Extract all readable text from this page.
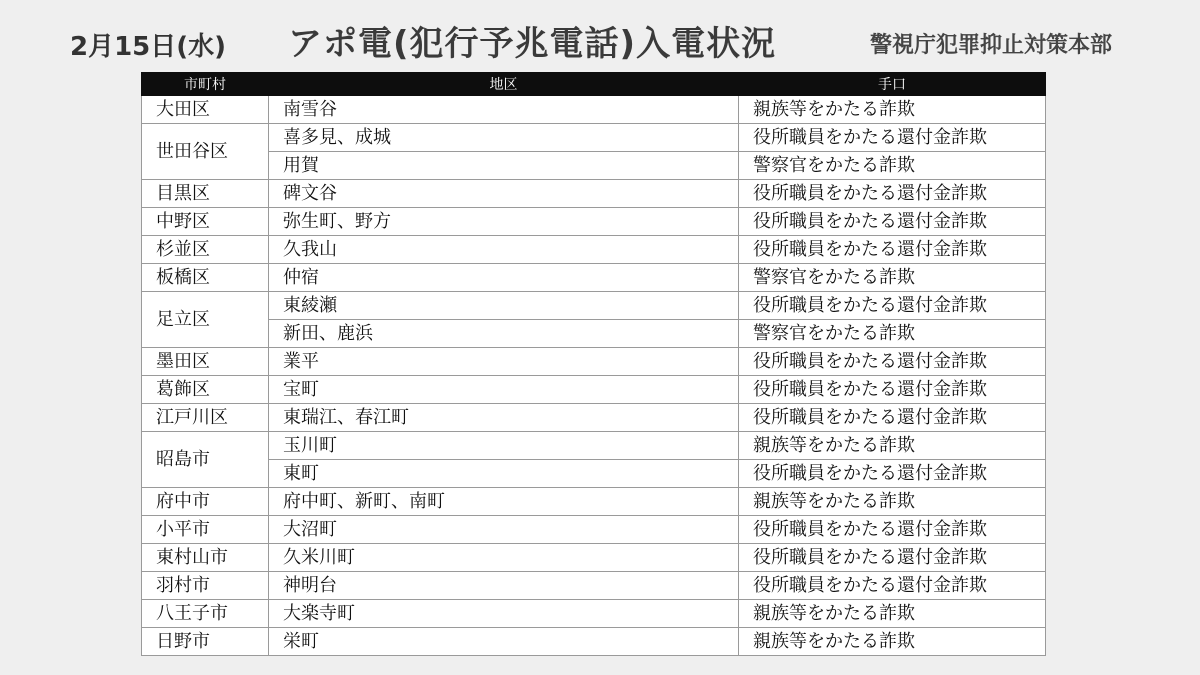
2月15日(水) アポ電(犯行予兆電話)入電状況	警視庁犯罪抑止対策本部
市町村	地区	手口
大田区	南雪谷	親族等をかたる詐欺
世田谷区	喜多見、成城	役所職員をかたる還付金詐欺
	用賀	警察官をかたる詐欺
目黒区	碑文谷	役所職員をかたる還付金詐欺
中野区	弥生町、野方	役所職員をかたる還付金詐欺
杉並区	久我山	役所職員をかたる還付金詐欺
板橋区	仲宿	警察官をかたる詐欺
足立区	東綾瀬	役所職員をかたる還付金詐欺
	新田、鹿浜	警察官をかたる詐欺
墨田区	業平	役所職員をかたる還付金詐欺
葛飾区	宝町	役所職員をかたる還付金詐欺
江戸川区	東瑞江、春江町	役所職員をかたる還付金詐欺
昭島市	玉川町	親族等をかたる詐欺
	東町	役所職員をかたる還付金詐欺
府中市	府中町、新町、南町	親族等をかたる詐欺
小平市	大沼町	役所職員をかたる還付金詐欺
東村山市	久米川町	役所職員をかたる還付金詐欺
羽村市	神明台	役所職員をかたる還付金詐欺
八王子市	大楽寺町	親族等をかたる詐欺
日野市	栄町	親族等をかたる詐欺
